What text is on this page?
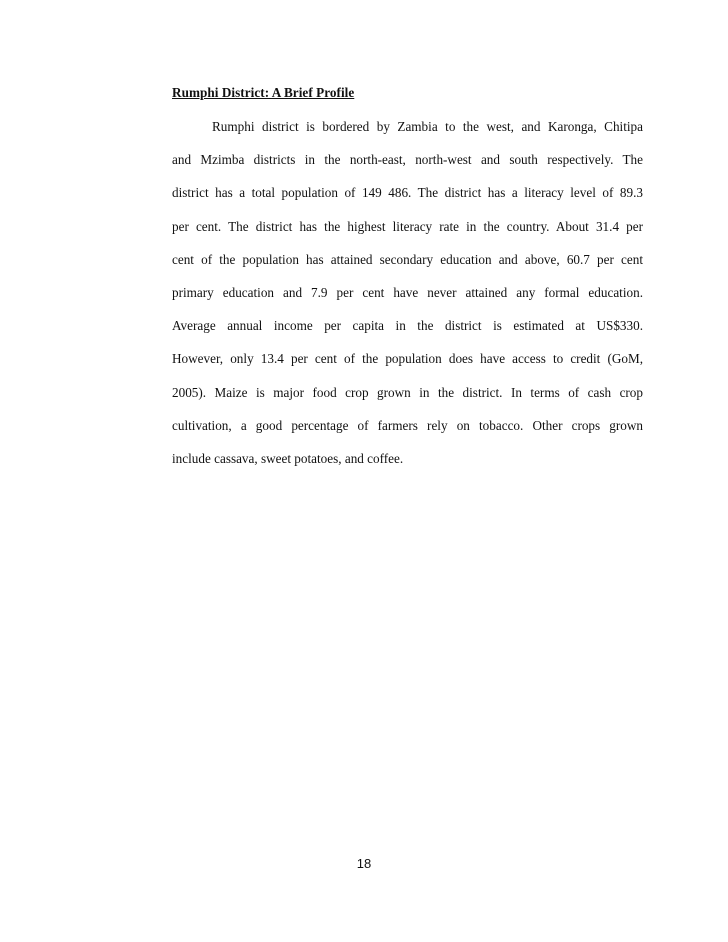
Rumphi District: A Brief Profile
Rumphi district is bordered by Zambia to the west, and Karonga, Chitipa
and Mzimba districts in the north-east, north-west and south respectively. The
district has a total population of 149 486. The district has a literacy level of 89.3
per cent. The district has the highest literacy rate in the country. About 31.4 per
cent of the population has attained secondary education and above, 60.7 per cent
primary education and 7.9 per cent have never attained any formal education.
Average annual income per capita in the district is estimated at US$330.
However, only 13.4 per cent of the population does have access to credit (GoM,
2005). Maize is major food crop grown in the district. In terms of cash crop
cultivation, a good percentage of farmers rely on tobacco. Other crops grown
include cassava, sweet potatoes, and coffee.
18
